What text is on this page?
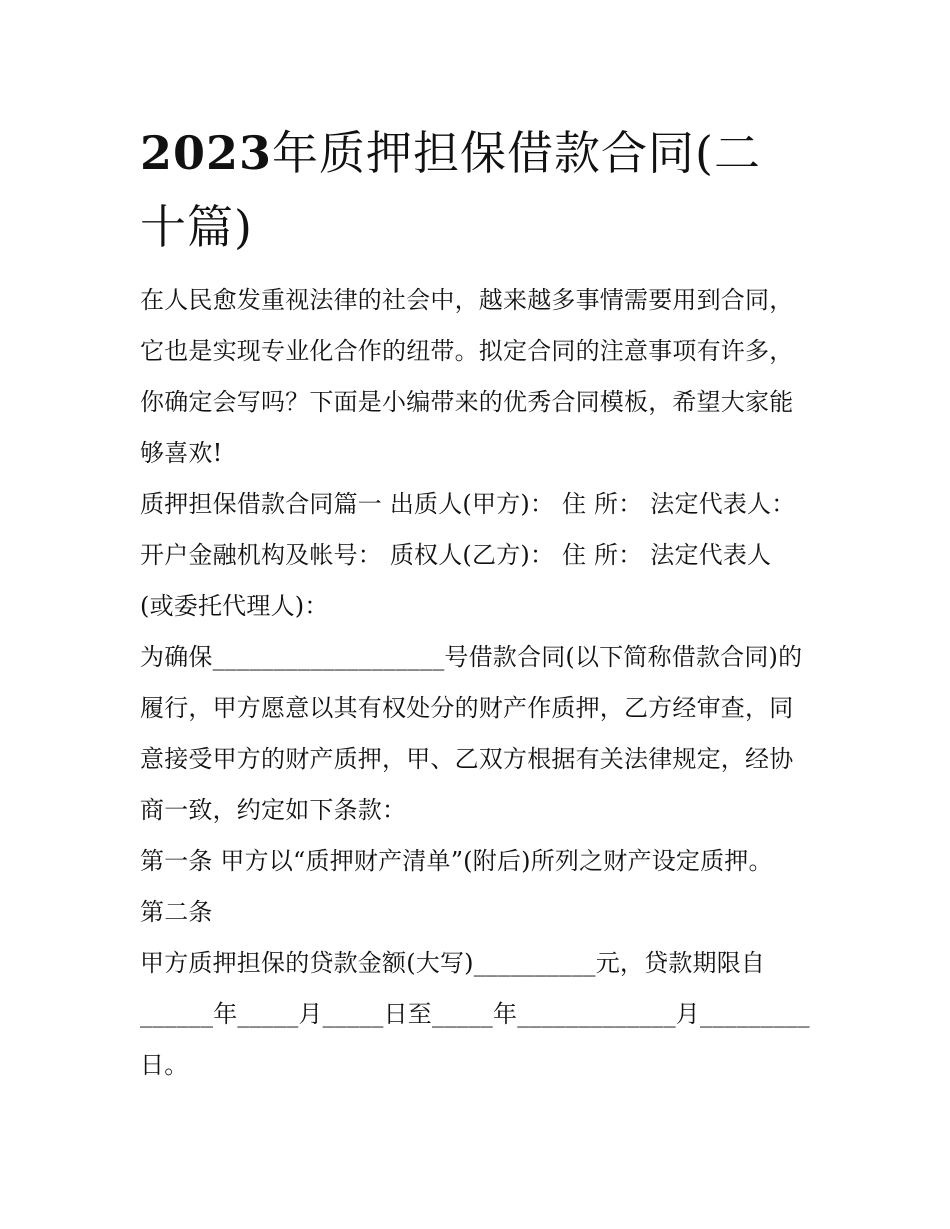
2023年质押担保借款合同(二十篇)

在人民愈发重视法律的社会中，越来越多事情需要用到合同，

它也是实现专业化合作的纽带。拟定合同的注意事项有许多，

你确定会写吗？下面是小编带来的优秀合同模板，希望大家能

够喜欢!

质押担保借款合同篇一 出质人(甲方)： 住 所： 法定代表人：

开户金融机构及帐号： 质权人(乙方)： 住 所： 法定代表人

(或委托代理人)：

为确保___________________号借款合同(以下简称借款合同)的

履行，甲方愿意以其有权处分的财产作质押，乙方经审查，同

意接受甲方的财产质押，甲、乙双方根据有关法律规定，经协

商一致，约定如下条款：

第一条 甲方以“质押财产清单”(附后)所列之财产设定质押。

第二条

甲方质押担保的贷款金额(大写)__________元，贷款期限自

______年_____月_____日至_____年_____________月_________

日。
